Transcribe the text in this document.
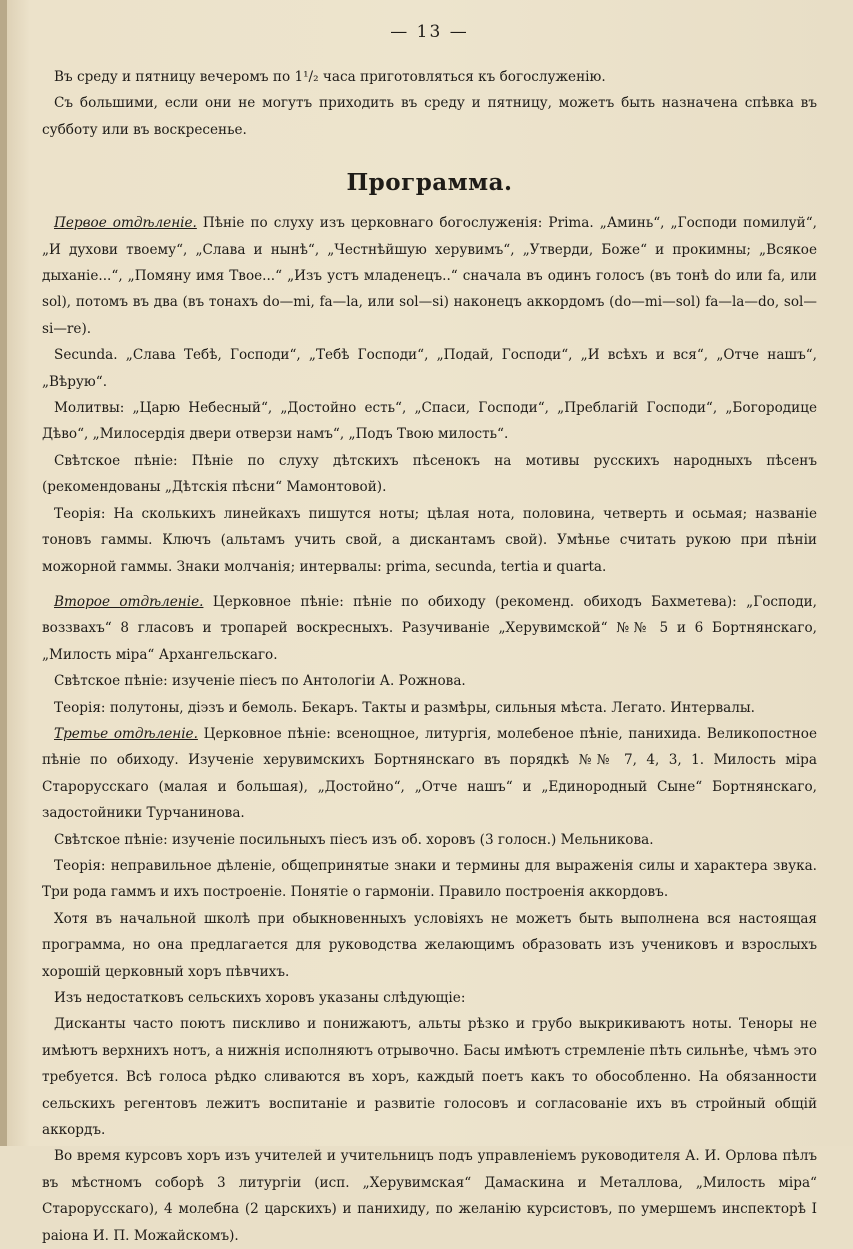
— 13 —

Въ среду и пятницу вечеромъ по 1¹/₂ часа приготовляться къ богослуженію.

Съ большими, если они не могутъ приходить въ среду и пятницу, можетъ быть назначена спѣвка въ субботу или въ воскресенье.

Программа.

Первое отдѣленіе. Пѣніе по слуху изъ церковнаго богослуженія: Prima. „Аминь“, „Господи помилуй“, „И духови твоему“, „Слава и нынѣ“, „Честнѣйшую херувимъ“, „Утверди, Боже“ и прокимны; „Всякое дыханіе...“, „Помяну имя Твое...“ „Изъ устъ младенецъ..“ сначала въ одинъ голосъ (въ тонѣ do или fa, или sol), потомъ въ два (въ тонахъ do—mi, fa—la, или sol—si) наконецъ аккордомъ (do—mi—sol) fa—la—do, sol—si—re).

Secunda. „Слава Тебѣ, Господи“, „Тебѣ Господи“, „Подай, Господи“, „И всѣхъ и вся“, „Отче нашъ“, „Вѣрую“.

Молитвы: „Царю Небесный“, „Достойно есть“, „Спаси, Господи“, „Преблагій Господи“, „Богородице Дѣво“, „Милосердія двери отверзи намъ“, „Подъ Твою милость“.

Свѣтское пѣніе: Пѣніе по слуху дѣтскихъ пѣсенокъ на мотивы русскихъ народныхъ пѣсенъ (рекомендованы „Дѣтскія пѣсни“ Мамонтовой).

Теорія: На сколькихъ линейкахъ пишутся ноты; цѣлая нота, половина, четверть и осьмая; названіе тоновъ гаммы. Ключъ (альтамъ учить свой, а дискантамъ свой). Умѣнье считать рукою при пѣніи можорной гаммы. Знаки молчанія; интервалы: prima, secunda, tertia и quarta.

Второе отдѣленіе. Церковное пѣніе: пѣніе по обиходу (рекоменд. обиходъ Бахметева): „Господи, воззвахъ“ 8 гласовъ и тропарей воскресныхъ. Разучиваніе „Херувимской“ №№ 5 и 6 Бортнянскаго, „Милость міра“ Архангельскаго.

Свѣтское пѣніе: изученіе піесъ по Антологіи А. Рожнова.

Теорія: полутоны, діэзъ и бемоль. Бекаръ. Такты и размѣры, сильныя мѣста. Легато. Интервалы.

Третье отдѣленіе. Церковное пѣніе: всенощное, литургія, молебеное пѣніе, панихида. Великопостное пѣніе по обиходу. Изученіе херувимскихъ Бортнянскаго въ порядкѣ №№ 7, 4, 3, 1. Милость міра Старорусскаго (малая и большая), „Достойно“, „Отче нашъ“ и „Единородный Сыне“ Бортнянскаго, задостойники Турчанинова.

Свѣтское пѣніе: изученіе посильныхъ піесъ изъ об. хоровъ (3 голосн.) Мельникова.

Теорія: неправильное дѣленіе, общепринятые знаки и термины для выраженія силы и характера звука. Три рода гаммъ и ихъ построеніе. Понятіе о гармоніи. Правило построенія аккордовъ.

Хотя въ начальной школѣ при обыкновенныхъ условіяхъ не можетъ быть выполнена вся настоящая программа, но она предлагается для руководства желающимъ образовать изъ учениковъ и взрослыхъ хорошій церковный хоръ пѣвчихъ.

Изъ недостатковъ сельскихъ хоровъ указаны слѣдующіе:

Дисканты часто поютъ пискливо и понижаютъ, альты рѣзко и грубо выкрикиваютъ ноты. Теноры не имѣютъ верхнихъ нотъ, а нижнія исполняютъ отрывочно. Басы имѣютъ стремленіе пѣть сильнѣе, чѣмъ это требуется. Всѣ голоса рѣдко сливаются въ хоръ, каждый поетъ какъ то обособленно. На обязанности сельскихъ регентовъ лежитъ воспитаніе и развитіе голосовъ и согласованіе ихъ въ стройный общій аккордъ.

Во время курсовъ хоръ изъ учителей и учительницъ подъ управленіемъ руководителя А. И. Орлова пѣлъ въ мѣстномъ соборѣ 3 литургіи (исп. „Херувимская“ Дамаскина и Металлова, „Милость міра“ Старорусскаго), 4 молебна (2 царскихъ) и панихиду, по желанію курсистовъ, по умершемъ инспекторѣ I раіона И. П. Можайскомъ).
